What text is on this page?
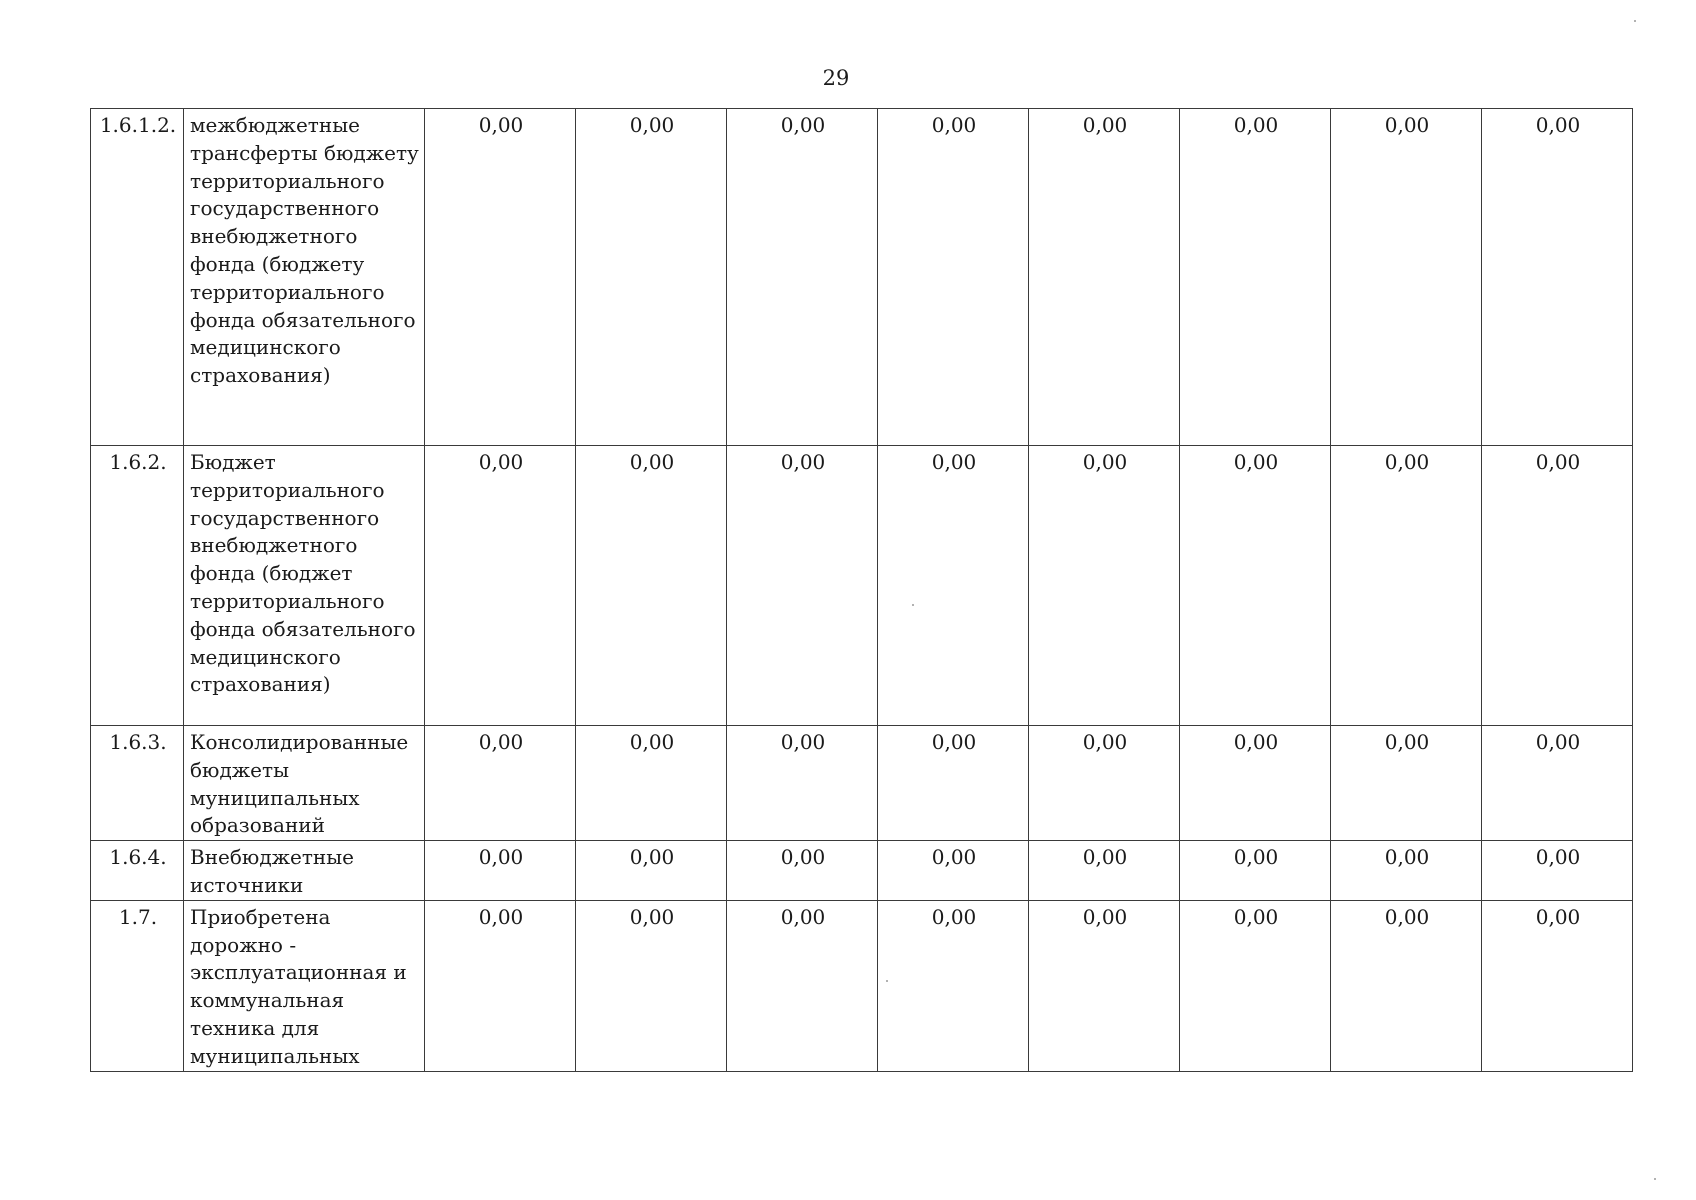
29
1.6.1.2.	межбюджетные трансферты бюджету территориального государственного внебюджетного фонда (бюджету территориального фонда обязательного медицинского страхования)	0,00	0,00	0,00	0,00	0,00	0,00	0,00	0,00
1.6.2.	Бюджет территориального государственного внебюджетного фонда (бюджет территориального фонда обязательного медицинского страхования)	0,00	0,00	0,00	0,00	0,00	0,00	0,00	0,00
1.6.3.	Консолидированные бюджеты муниципальных образований	0,00	0,00	0,00	0,00	0,00	0,00	0,00	0,00
1.6.4.	Внебюджетные источники	0,00	0,00	0,00	0,00	0,00	0,00	0,00	0,00
1.7.	Приобретена дорожно - эксплуатационная и коммунальная техника для муниципальных	0,00	0,00	0,00	0,00	0,00	0,00	0,00	0,00
